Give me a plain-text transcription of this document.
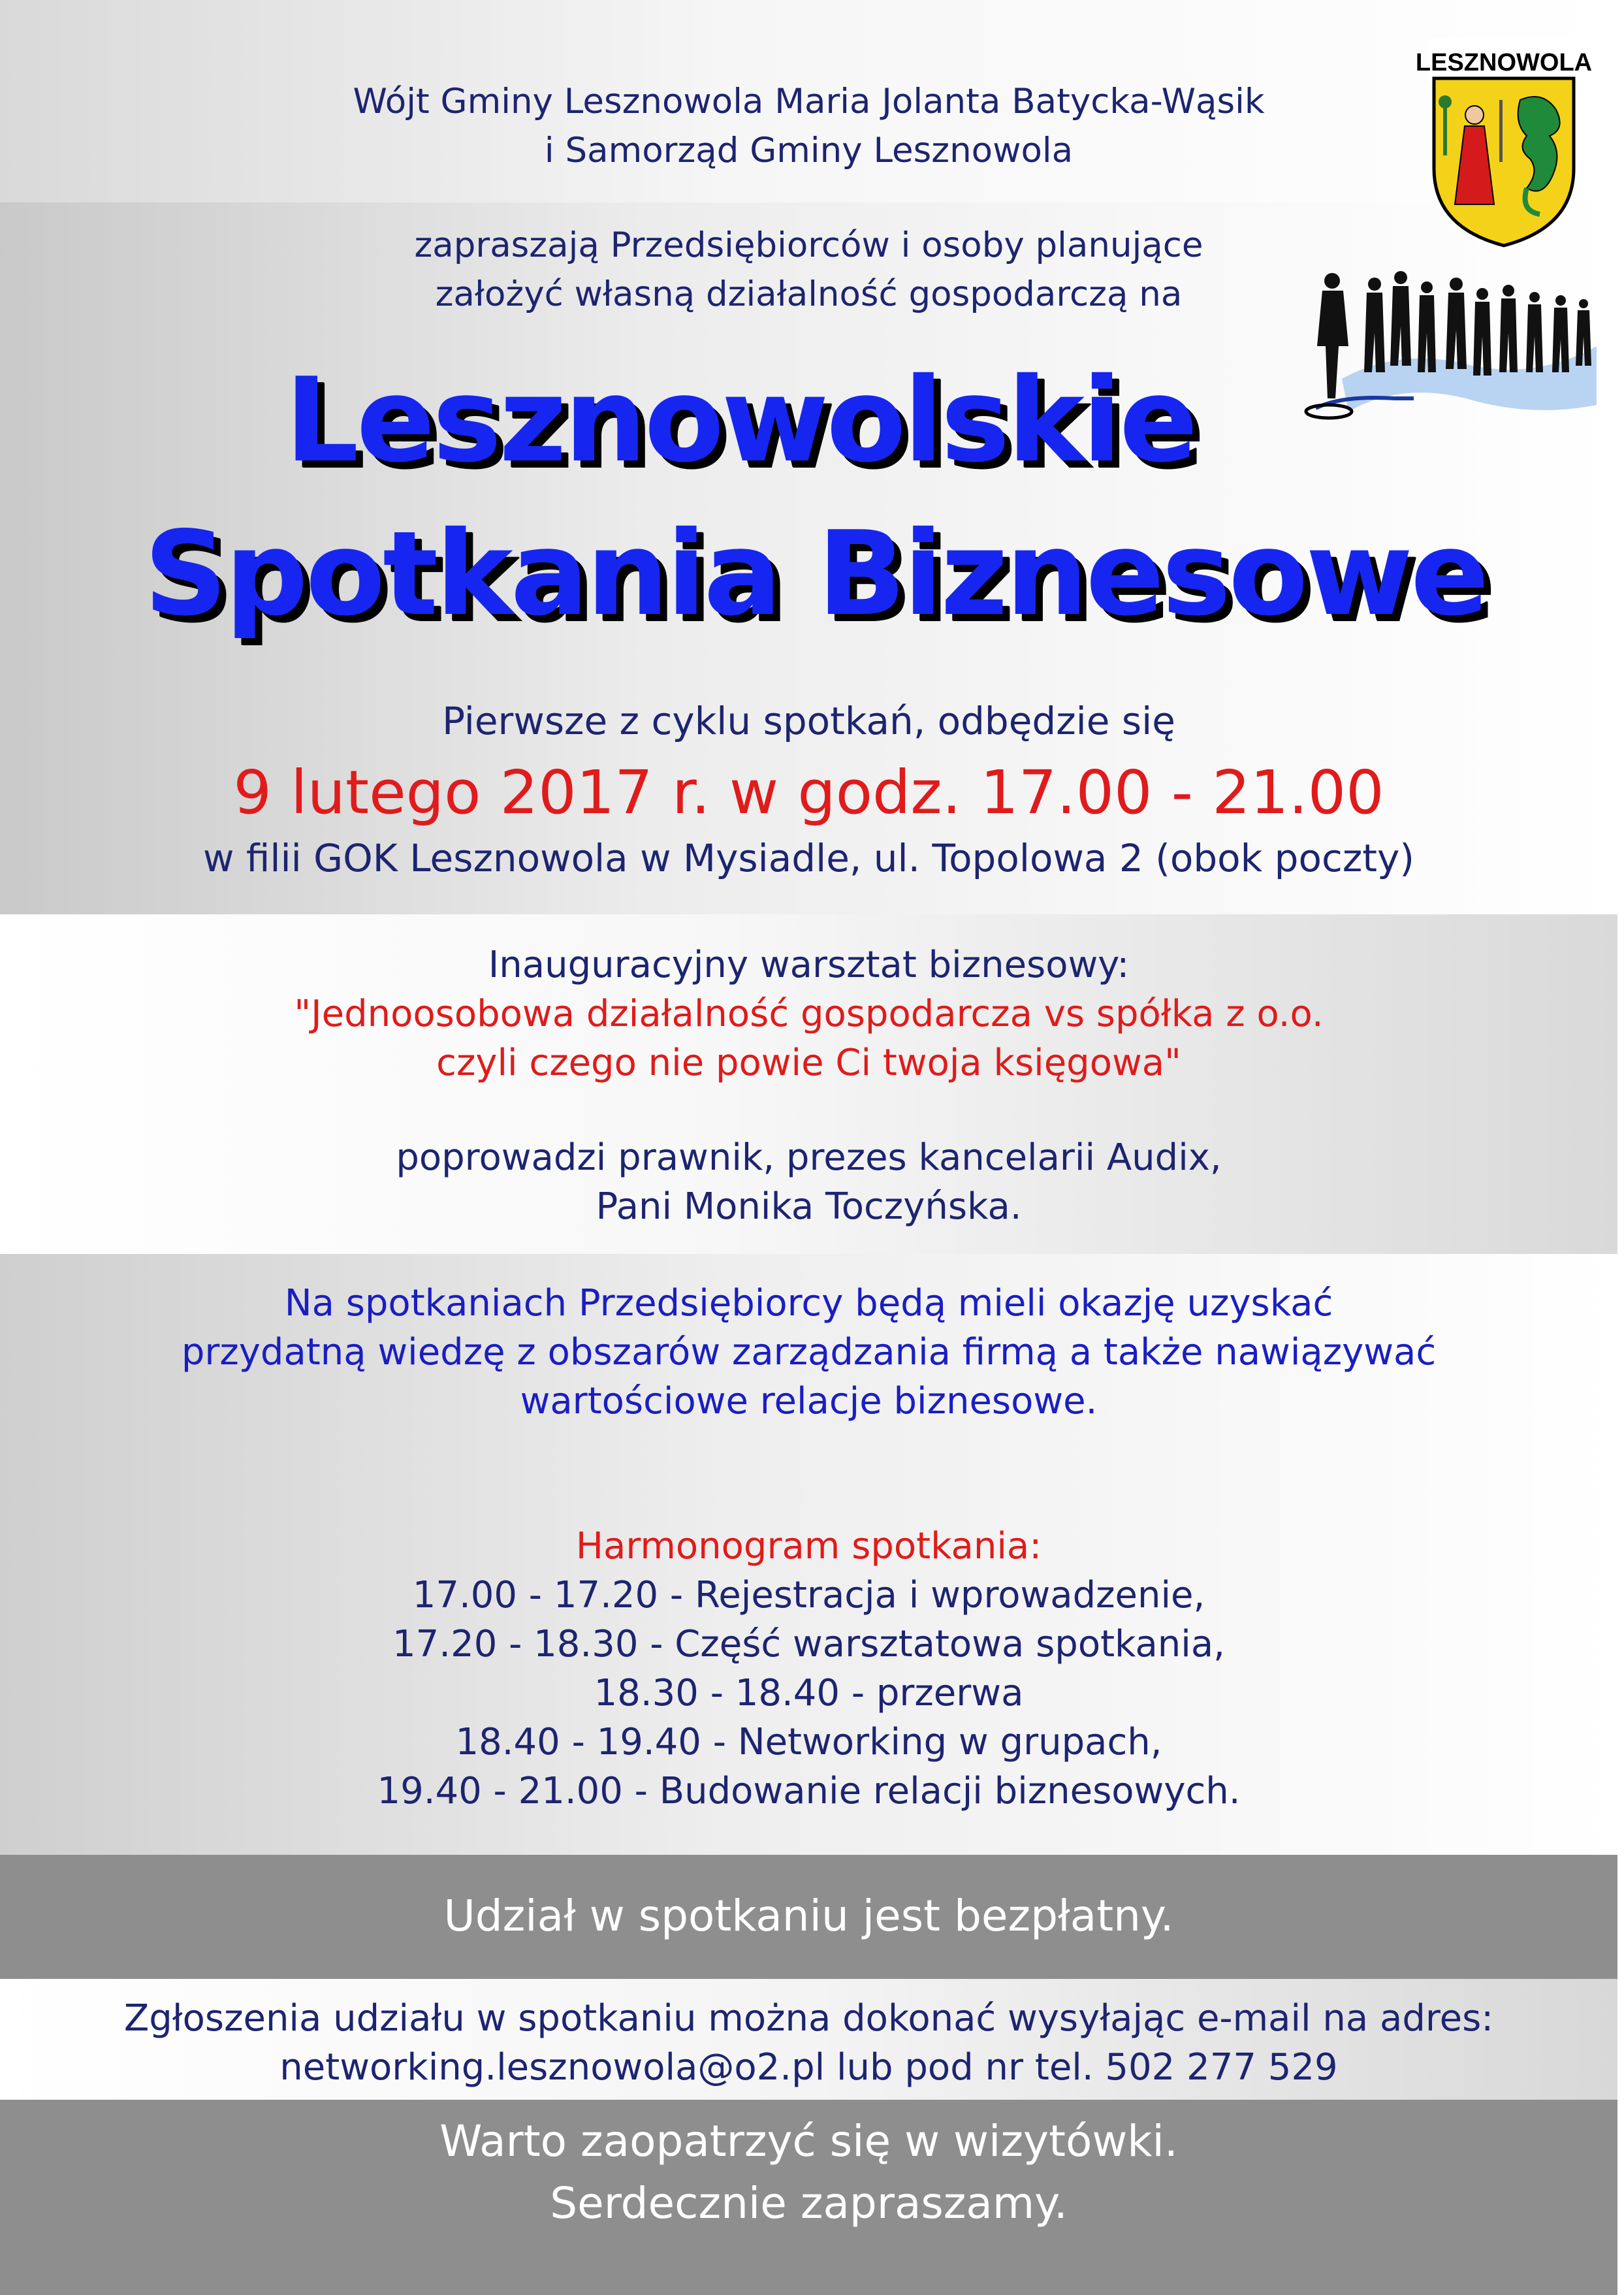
LESZNOWOLA

Wójt Gminy Lesznowola Maria Jolanta Batycka-Wąsik

i Samorząd Gminy Lesznowola

zapraszają Przedsiębiorców i osoby planujące

założyć własną działalność gospodarczą na

Lesznowolskie

Spotkania Biznesowe

Pierwsze z cyklu spotkań, odbędzie się

9 lutego 2017 r. w godz. 17.00 - 21.00

w filii GOK Lesznowola w Mysiadle, ul. Topolowa 2 (obok poczty)

Inauguracyjny warsztat biznesowy:

"Jednoosobowa działalność gospodarcza vs spółka z o.o.

czyli czego nie powie Ci twoja księgowa"

poprowadzi prawnik, prezes kancelarii Audix,

Pani Monika Toczyńska.

Na spotkaniach Przedsiębiorcy będą mieli okazję uzyskać

przydatną wiedzę z obszarów zarządzania firmą a także nawiązywać

wartościowe relacje biznesowe.

Harmonogram spotkania:

17.00 - 17.20 - Rejestracja i wprowadzenie,

17.20 - 18.30 - Część warsztatowa spotkania,

18.30 - 18.40 - przerwa

18.40 - 19.40 - Networking w grupach,

19.40 - 21.00 - Budowanie relacji biznesowych.

Udział w spotkaniu jest bezpłatny.

Zgłoszenia udziału w spotkaniu można dokonać wysyłając e-mail na adres:

networking.lesznowola@o2.pl lub pod nr tel. 502 277 529

Warto zaopatrzyć się w wizytówki.

Serdecznie zapraszamy.
